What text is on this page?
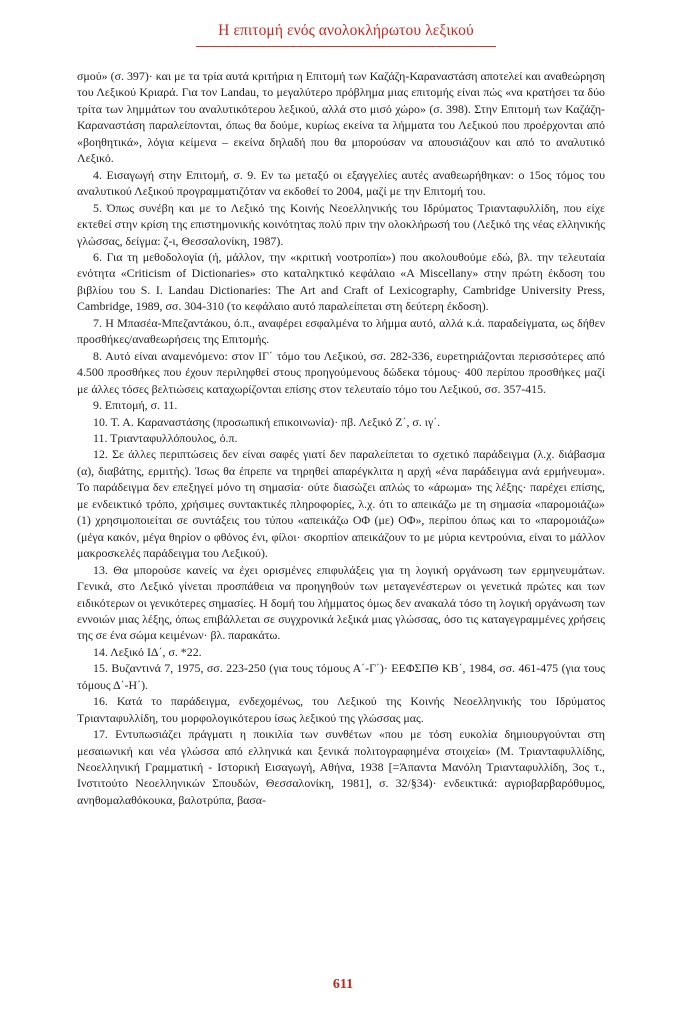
Η επιτομή ενός ανολοκλήρωτου λεξικού

σμού» (σ. 397)· και με τα τρία αυτά κριτήρια η Επιτομή των Καζάζη-Καραναστάση αποτελεί και αναθεώρηση του Λεξικού Κριαρά. Για τον Landau, το μεγαλύτερο πρόβλημα μιας επιτομής είναι πώς «να κρατήσει τα δύο τρίτα των λημμάτων του αναλυτικότερου λεξικού, αλλά στο μισό χώρο» (σ. 398). Στην Επιτομή των Καζάζη-Καραναστάση παραλείπονται, όπως θα δούμε, κυρίως εκείνα τα λήμματα του Λεξικού που προέρχονται από «βοηθητικά», λόγια κείμενα – εκείνα δηλαδή που θα μπορούσαν να απουσιάζουν και από το αναλυτικό Λεξικό.

4. Εισαγωγή στην Επιτομή, σ. 9. Εν τω μεταξύ οι εξαγγελίες αυτές αναθεωρήθηκαν: ο 15ος τόμος του αναλυτικού Λεξικού προγραμματιζόταν να εκδοθεί το 2004, μαζί με την Επιτομή του.

5. Όπως συνέβη και με το Λεξικό της Κοινής Νεοελληνικής του Ιδρύματος Τριανταφυλλίδη, που είχε εκτεθεί στην κρίση της επιστημονικής κοινότητας πολύ πριν την ολοκλήρωσή του (Λεξικό της νέας ελληνικής γλώσσας, δείγμα: ζ-ι, Θεσσαλονίκη, 1987).

6. Για τη μεθοδολογία (ή, μάλλον, την «κριτική νοοτροπία») που ακολουθούμε εδώ, βλ. την τελευταία ενότητα «Criticism of Dictionaries» στο καταληκτικό κεφάλαιο «A Miscellany» στην πρώτη έκδοση του βιβλίου του S. I. Landau Dictionaries: The Art and Craft of Lexicography, Cambridge University Press, Cambridge, 1989, σσ. 304-310 (το κεφάλαιο αυτό παραλείπεται στη δεύτερη έκδοση).

7. Η Μπασέα-Μπεζαντάκου, ό.π., αναφέρει εσφαλμένα το λήμμα αυτό, αλλά κ.ά. παραδείγματα, ως δήθεν προσθήκες/αναθεωρήσεις της Επιτομής.

8. Αυτό είναι αναμενόμενο: στον ΙΓ΄ τόμο του Λεξικού, σσ. 282-336, ευρετηριάζονται περισσότερες από 4.500 προσθήκες που έχουν περιληφθεί στους προηγούμενους δώδεκα τόμους· 400 περίπου προσθήκες μαζί με άλλες τόσες βελτιώσεις καταχωρίζονται επίσης στον τελευταίο τόμο του Λεξικού, σσ. 357-415.

9. Επιτομή, σ. 11.

10. Τ. Α. Καραναστάσης (προσωπική επικοινωνία)· πβ. Λεξικό Ζ΄, σ. ιγ΄.

11. Τριανταφυλλόπουλος, ό.π.

12. Σε άλλες περιπτώσεις δεν είναι σαφές γιατί δεν παραλείπεται το σχετικό παράδειγμα (λ.χ. διάβασμα (α), διαβάτης, ερμιτής). Ίσως θα έπρεπε να τηρηθεί απαρέγκλιτα η αρχή «ένα παράδειγμα ανά ερμήνευμα». Το παράδειγμα δεν επεξηγεί μόνο τη σημασία· ούτε διασώζει απλώς το «άρωμα» της λέξης· παρέχει επίσης, με ενδεικτικό τρόπο, χρήσιμες συντακτικές πληροφορίες, λ.χ. ότι το απεικάζω με τη σημασία «παρομοιάζω» (1) χρησιμοποιείται σε συντάξεις του τύπου «απεικάζω ΟΦ (με) ΟΦ», περίπου όπως και το «παρομοιάζω» (μέγα κακόν, μέγα θηρίον ο φθόνος ένι, φίλοι· σκορπίον απεικάζουν το με μύρια κεντρούνια, είναι το μάλλον μακροσκελές παράδειγμα του Λεξικού).

13. Θα μπορούσε κανείς να έχει ορισμένες επιφυλάξεις για τη λογική οργάνωση των ερμηνευμάτων. Γενικά, στο Λεξικό γίνεται προσπάθεια να προηγηθούν των μεταγενέστερων οι γενετικά πρώτες και των ειδικότερων οι γενικότερες σημασίες. Η δομή του λήμματος όμως δεν ανακαλά τόσο τη λογική οργάνωση των εννοιών μιας λέξης, όπως επιβάλλεται σε συγχρονικά λεξικά μιας γλώσσας, όσο τις καταγεγραμμένες χρήσεις της σε ένα σώμα κειμένων· βλ. παρακάτω.

14. Λεξικό ΙΔ΄, σ. *22.

15. Βυζαντινά 7, 1975, σσ. 223-250 (για τους τόμους Α΄-Γ΄)· ΕΕΦΣΠΘ ΚΒ΄, 1984, σσ. 461-475 (για τους τόμους Δ΄-Η΄).

16. Κατά το παράδειγμα, ενδεχομένως, του Λεξικού της Κοινής Νεοελληνικής του Ιδρύματος Τριανταφυλλίδη, του μορφολογικότερου ίσως λεξικού της γλώσσας μας.

17. Εντυπωσιάζει πράγματι η ποικιλία των συνθέτων «που με τόση ευκολία δημιουργούνται στη μεσαιωνική και νέα γλώσσα από ελληνικά και ξενικά πολιτογραφημένα στοιχεία» (Μ. Τριανταφυλλίδης, Νεοελληνική Γραμματική - Ιστορική Εισαγωγή, Αθήνα, 1938 [=Άπαντα Μανόλη Τριανταφυλλίδη, 3ος τ., Ινστιτούτο Νεοελληνικών Σπουδών, Θεσσαλονίκη, 1981], σ. 32/§34)· ενδεικτικά: αγριοβαρβαρόθυμος, ανηθομαλαθόκουκα, βαλοτρύπα, βασα-

611
